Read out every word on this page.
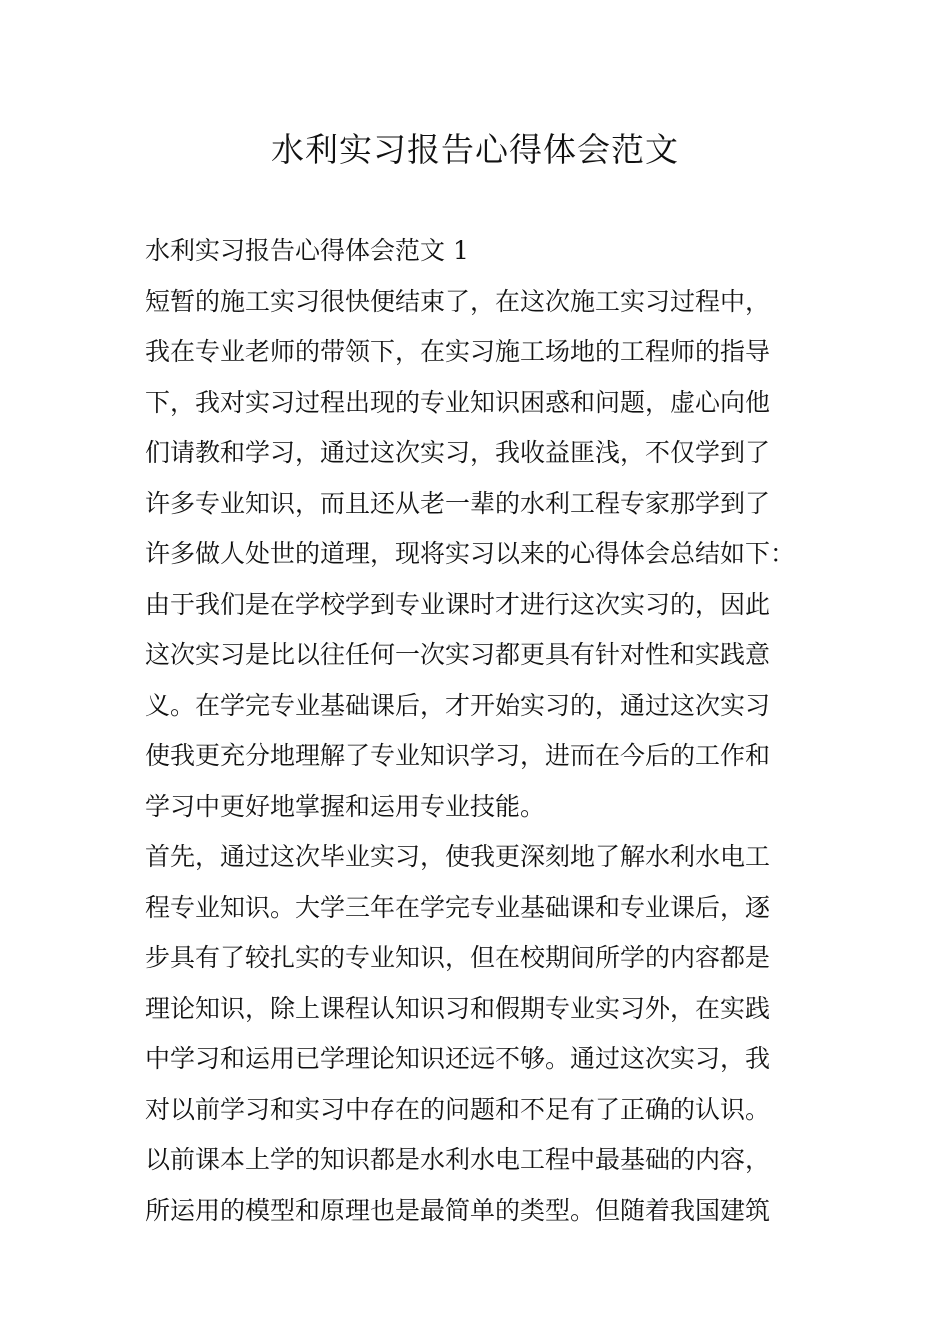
水利实习报告心得体会范文
水利实习报告心得体会范文 1
短暂的施工实习很快便结束了，在这次施工实习过程中，
我在专业老师的带领下，在实习施工场地的工程师的指导
下，我对实习过程出现的专业知识困惑和问题，虚心向他
们请教和学习，通过这次实习，我收益匪浅，不仅学到了
许多专业知识，而且还从老一辈的水利工程专家那学到了
许多做人处世的道理，现将实习以来的心得体会总结如下：
由于我们是在学校学到专业课时才进行这次实习的，因此
这次实习是比以往任何一次实习都更具有针对性和实践意
义。在学完专业基础课后，才开始实习的，通过这次实习
使我更充分地理解了专业知识学习，进而在今后的工作和
学习中更好地掌握和运用专业技能。
首先，通过这次毕业实习，使我更深刻地了解水利水电工
程专业知识。大学三年在学完专业基础课和专业课后，逐
步具有了较扎实的专业知识，但在校期间所学的内容都是
理论知识，除上课程认知识习和假期专业实习外，在实践
中学习和运用已学理论知识还远不够。通过这次实习，我
对以前学习和实习中存在的问题和不足有了正确的认识。
以前课本上学的知识都是水利水电工程中最基础的内容，
所运用的模型和原理也是最简单的类型。但随着我国建筑
